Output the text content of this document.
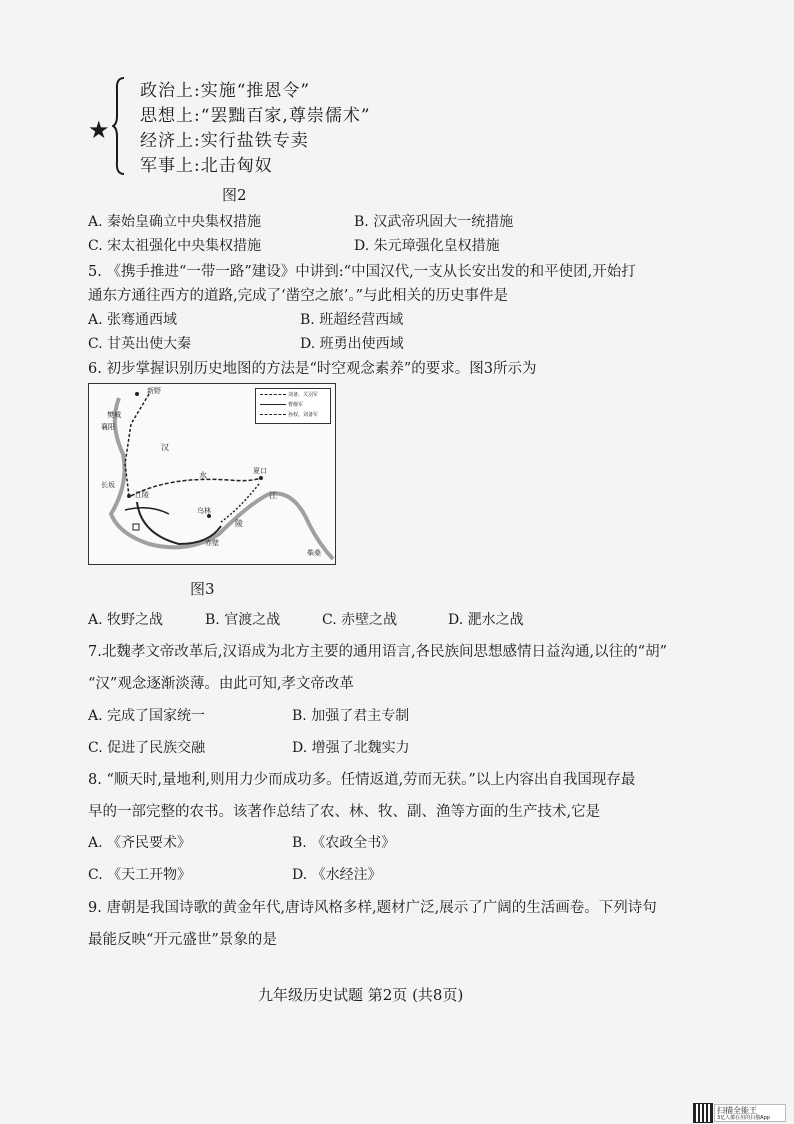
★
政治上:实施“推恩令”
思想上:“罢黜百家,尊崇儒术”
经济上:实行盐铁专卖
军事上:北击匈奴
图2
A. 秦始皇确立中央集权措施	B. 汉武帝巩固大一统措施
C. 宋太祖强化中央集权措施	D. 朱元璋强化皇权措施
5. 《携手推进“一带一路”建设》中讲到:“中国汉代,一支从长安出发的和平使团,开始打
通东方通往西方的道路,完成了‘凿空之旅’。”与此相关的历史事件是
A. 张骞通西域	B. 班超经营西域
C. 甘英出使大秦	D. 班勇出使西域
6. 初步掌握识别历史地图的方法是“时空观念素养”的要求。图3所示为
刘备、关羽军
曹操军
孙权、刘备军
新野
樊城
襄阳
江陵
长坂
汉
夏口
柴桑
乌林
赤壁
江
水
陵
图3
A. 牧野之战	B. 官渡之战	C. 赤壁之战	D. 淝水之战
7.北魏孝文帝改革后,汉语成为北方主要的通用语言,各民族间思想感情日益沟通,以往的“胡”
“汉”观念逐渐淡薄。由此可知,孝文帝改革
A. 完成了国家统一	B. 加强了君主专制
C. 促进了民族交融	D. 增强了北魏实力
8. “顺天时,量地利,则用力少而成功多。任情返道,劳而无获。”以上内容出自我国现存最
早的一部完整的农书。该著作总结了农、林、牧、副、渔等方面的生产技术,它是
A. 《齐民要术》	B. 《农政全书》
C. 《天工开物》	D. 《水经注》
9. 唐朝是我国诗歌的黄金年代,唐诗风格多样,题材广泛,展示了广阔的生活画卷。下列诗句
最能反映“开元盛世”景象的是
九年级历史试题 第2页 (共8页)
扫描全能王
3亿人都在用的扫描App
